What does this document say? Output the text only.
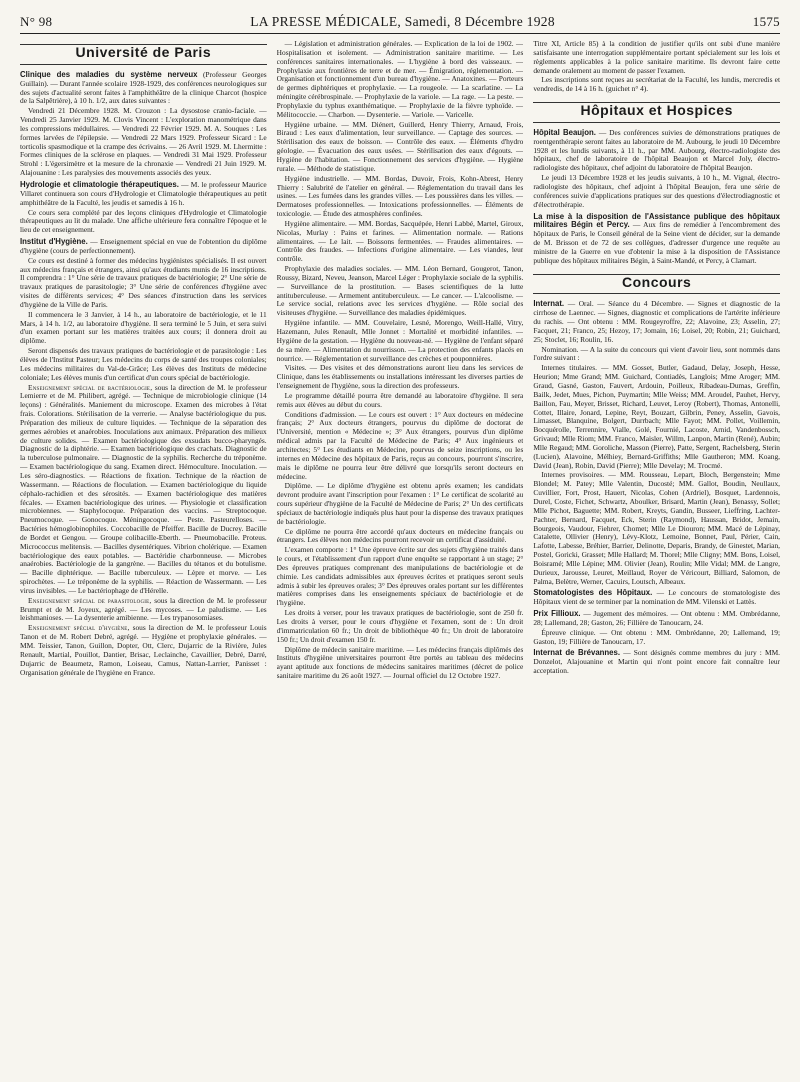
N° 98	LA PRESSE MÉDICALE, Samedi, 8 Décembre 1928	1575
Université de Paris

Clinique des maladies du système nerveux (Professeur Georges Guillain). — Durant l'année scolaire 1928-1929, des conférences neurologiques sur des sujets d'actualité seront faites à l'amphithéâtre de la clinique Charcot (hospice de la Salpêtrière), à 10 h. 1/2, aux dates suivantes :

Vendredi 21 Décembre 1928. M. Crouzon : La dysostose cranio-faciale. — Vendredi 25 Janvier 1929. M. Clovis Vincent : L'exploration manométrique dans les compressions médullaires. — Vendredi 22 Février 1929. M. A. Souques : Les formes larvées de l'épilepsie. — Vendredi 22 Mars 1929. Professeur Sicard : Le torticolis spasmodique et la crampe des écrivains. — 26 Avril 1929. M. Lhermitte : Formes cliniques de la sclérose en plaques. — Vendredi 31 Mai 1929. Professeur Strohl : L'égersimètre et la mesure de la chronaxie — Vendredi 21 Juin 1929. M. Alajouanine : Les paralysies des mouvements associés des yeux.

Hydrologie et climatologie thérapeutiques. — M. le professeur Maurice Villaret continuera son cours d'Hydrologie et Climatologie thérapeutiques au petit amphithéâtre de la Faculté, les jeudis et samedis à 16 h.

Ce cours sera complété par des leçons cliniques d'Hydrologie et Climatologie thérapeutiques au lit du malade. Une affiche ultérieure fera connaître l'époque et le lieu de cet enseignement.

Institut d'Hygiène. — Enseignement spécial en vue de l'obtention du diplôme d'hygiène (cours de perfectionnement).

Ce cours est destiné à former des médecins hygiénistes spécialisés. Il est ouvert aux médecins français et étrangers, ainsi qu'aux étudiants munis de 16 inscriptions. Il comprendra : 1° Une série de travaux pratiques de bactériologie; 2° Une série de travaux pratiques de parasitologie; 3° Une série de conférences d'hygiène avec visites de différents services; 4° Des séances d'instruction dans les services d'hygiène de la Ville de Paris.

Il commencera le 3 Janvier, à 14 h., au laboratoire de bactériologie, et le 11 Mars, à 14 h. 1/2, au laboratoire d'hygiène. Il sera terminé le 5 Juin, et sera suivi d'un examen portant sur les matières traitées aux cours; il donnera droit au diplôme.

Seront dispensés des travaux pratiques de bactériologie et de parasitologie : Les élèves de l'Institut Pasteur; Les médecins du corps de santé des troupes coloniales; Les médecins militaires du Val-de-Grâce; Les élèves des Instituts de médecine coloniale; Les élèves munis d'un certificat d'un cours spécial de bactériologie.

Enseignement spécial de bactériologie, sous la direction de M. le professeur Lemierre et de M. Philibert, agrégé. — Technique de microbiologie clinique (14 leçons) : Généralités. Maniement du microscope. Examen des microbes à l'état frais. Colorations. Stérilisation de la verrerie. — Analyse bactériologique du pus. Préparation des milieux de culture liquides. — Technique de la séparation des germes aérobies et anaérobies. Inoculations aux animaux. Préparation des milieux de culture solides. — Examen bactériologique des exsudats bucco-pharyngés. Diagnostic de la diphtérie. — Examen bactériologique des crachats. Diagnostic de la tuberculose pulmonaire. — Diagnostic de la syphilis. Recherche du tréponème. — Examen bactériologique du sang. Examen direct. Hémoculture. Inoculation. — Les séro-diagnostics. — Réactions de fixation. Technique de la réaction de Wassermann. — Réactions de floculation. — Examen bactériologique du liquide céphalo-rachidien et des sérosités. — Examen bactériologique des matières fécales. — Examen bactériologique des urines. — Physiologie et classification microbiennes. — Staphylocoque. Préparation des vaccins. — Streptocoque. Pneumocoque. — Gonocoque. Méningocoque. — Peste. Pasteurelloses. — Bactéries hémoglobinophiles. Coccobacille de Pfeiffer. Bacille de Ducrey. Bacille de Bordet et Gengou. — Groupe colibacille-Eberth. — Pneumobacille. Proteus. Micrococcus melitensis. — Bacilles dysentériques. Vibrion cholérique. — Examen bactériologique des eaux potables. — Bactéridie charbonneuse. — Microbes anaérobies. Bactériologie de la gangrène. — Bacilles du tétanos et du botulisme. — Bacille diphtérique. — Bacille tuberculeux. — Lèpre et morve. — Les spirochètes. — Le tréponème de la syphilis. — Réaction de Wassermann. — Les virus invisibles. — Le bactériophage de d'Hérelle.

Enseignement spécial de parasitologie, sous la direction de M. le professeur Brumpt et de M. Joyeux, agrégé. — Les mycoses. — Le paludisme. — Les leishmanioses. — La dysenterie amibienne. — Les trypanosomiases.

Enseignement spécial d'hygiène, sous la direction de M. le professeur Louis Tanon et de M. Robert Debré, agrégé. — Hygiène et prophylaxie générales. — MM. Teissier, Tanon, Guillon, Dopter, Ott, Clerc, Dujarric de la Rivière, Jules Renault, Martial, Pouillot, Dantier, Brisac, Leclainche, Cavaillier, Debré, Darré, Dujarric de Beaumetz, Ramon, Loiseau, Camus, Nattan-Larrier, Panisset : Organisation générale de l'hygiène en France.

— Législation et administration générales. — Explication de la loi de 1902. — Hospitalisation et isolement. — Administration sanitaire maritime. — Les conférences sanitaires internationales. — L'hygiène à bord des vaisseaux. — Prophylaxie aux frontières de terre et de mer. — Émigration, réglementation. — Organisation et fonctionnement d'un bureau d'hygiène. — Anatoxines. — Porteurs de germes diphtériques et prophylaxie. — La rougeole. — La scarlatine. — La méningite cérébrospinale. — Prophylaxie de la variole. — La rage. — La peste. — Prophylaxie du typhus exanthématique. — Prophylaxie de la fièvre typhoïde. — Mélitococcie. — Charbon. — Dysenterie. — Variole. — Varicelle.

Hygiène urbaine. — MM. Diénert, Guillerd, Henry Thierry, Arnaud, Frois, Biraud : Les eaux d'alimentation, leur surveillance. — Captage des sources. — Stérilisation des eaux de boisson. — Contrôle des eaux. — Éléments d'hydro géologie. — Évacuation des eaux usées. — Stérilisation des eaux d'égouts. — Hygiène de l'habitation. — Fonctionnement des services d'hygiène. — Hygiène rurale. — Méthode de statistique.

Hygiène industrielle. — MM. Bordas, Duvoir, Frois, Kohn-Abrest, Henry Thierry : Salubrité de l'atelier en général. — Réglementation du travail dans les usines. — Les fumées dans les grandes villes. — Les poussières dans les villes. — Dermatoses professionnelles. — Intoxications professionnelles. — Éléments de toxicologie. — Étude des atmosphères confinées.

Hygiène alimentaire. — MM. Bordas, Sacquépée, Henri Labbé, Martel, Giroux, Nicolas, Murlay : Pains et farines. — Alimentation normale. — Rations alimentaires. — Le lait. — Boissons fermentées. — Fraudes alimentaires. — Contrôle des fraudes. — Infections d'origine alimentaire. — Les viandes, leur contrôle.

Prophylaxie des maladies sociales. — MM. Léon Bernard, Gougerot, Tanon, Roussy, Bizard, Neveu, Jeanson, Marcel Léger : Prophylaxie sociale de la syphilis. — Surveillance de la prostitution. — Bases scientifiques de la lutte antituberculeuse. — Armement antituberculeux. — Le cancer. — L'alcoolisme. — Le service social, relations avec les services d'hygiène. — Rôle social des visiteuses d'hygiène. — Surveillance des maladies épidémiques.

Hygiène infantile. — MM. Couvelaire, Lesné, Morengo, Weill-Hallé, Vitry, Hazemann, Jules Renault, Mlle Jonnet : Mortalité et morbidité infantiles. — Hygiène de la gestation. — Hygiène du nouveau-né. — Hygiène de l'enfant séparé de sa mère. — Alimentation du nourrisson. — La protection des enfants placés en nourrice. — Réglementation et surveillance des crèches et pouponnières.

Visites. — Des visites et des démonstrations auront lieu dans les services de Clinique, dans les établissements ou installations intéressant les diverses parties de l'enseignement de l'hygiène, sous la direction des professeurs.

Le programme détaillé pourra être demandé au laboratoire d'hygiène. Il sera remis aux élèves au début du cours.

Conditions d'admission. — Le cours est ouvert : 1° Aux docteurs en médecine français; 2° Aux docteurs étrangers, pourvus du diplôme de doctorat de l'Université, mention « Médecine »; 3° Aux étrangers, pourvus d'un diplôme médical admis par la Faculté de Médecine de Paris; 4° Aux ingénieurs et architectes; 5° Les étudiants en Médecine, pourvus de seize inscriptions, ou les internes en Médecine des hôpitaux de Paris, reçus au concours, pourront s'inscrire, mais le diplôme ne pourra leur être délivré que lorsqu'ils seront docteurs en médecine.

Diplôme. — Le diplôme d'hygiène est obtenu après examen; les candidats devront produire avant l'inscription pour l'examen : 1° Le certificat de scolarité au cours supérieur d'hygiène de la Faculté de Médecine de Paris; 2° Un des certificats spéciaux de bactériologie indiqués plus haut pour la dispense des travaux pratiques de bactériologie.

Ce diplôme ne pourra être accordé qu'aux docteurs en médecine français ou étrangers. Les élèves non médecins pourront recevoir un certificat d'assiduité.

L'examen comporte : 1° Une épreuve écrite sur des sujets d'hygiène traités dans le cours, et l'établissement d'un rapport d'une enquête se rapportant à un stage; 2° Des épreuves pratiques comprenant des manipulations de bactériologie et de chimie. Les candidats admissibles aux épreuves écrites et pratiques seront seuls admis à subir les épreuves orales; 3° Des épreuves orales portant sur les différentes matières comprises dans les enseignements spéciaux de bactériologie et de l'hygiène.

Les droits à verser, pour les travaux pratiques de bactériologie, sont de 250 fr. Les droits à verser, pour le cours d'hygiène et l'examen, sont de : Un droit d'immatriculation 60 fr.; Un droit de bibliothèque 40 fr.; Un droit de laboratoire 150 fr.; Un droit d'examen 150 fr.

Diplôme de médecin sanitaire maritime. — Les médecins français diplômés des Instituts d'hygiène universitaires pourront être portés au tableau des médecins ayant aptitude aux fonctions de médecins sanitaires maritimes (décret de police sanitaire maritime du 26 août 1927. — Journal officiel du 12 Octobre 1927.

Titre XI, Article 85) à la condition de justifier qu'ils ont subi d'une manière satisfaisante une interrogation supplémentaire portant spécialement sur les lois et règlements applicables à la police sanitaire maritime. Ils devront faire cette demande oralement au moment de passer l'examen.

Les inscriptions sont reçues au secrétariat de la Faculté, les lundis, mercredis et vendredis, de 14 à 16 h. (guichet n° 4).

Hôpitaux et Hospices

Hôpital Beaujon. — Des conférences suivies de démonstrations pratiques de roentgenthérapie seront faites au laboratoire de M. Aubourg, le jeudi 10 Décembre 1928 et les lundis suivants, à 11 h., par MM. Aubourg, électro-radiologiste des hôpitaux, chef de laboratoire de l'hôpital Beaujon et Marcel Joly, électro-radiologiste des hôpitaux, chef adjoint du laboratoire de l'hôpital Beaujon.

Le jeudi 13 Décembre 1928 et les jeudis suivants, à 10 h., M. Vignal, électro-radiologiste des hôpitaux, chef adjoint à l'hôpital Beaujon, fera une série de conférences suivie d'applications pratiques sur des questions d'électrodiagnostic et d'électrothérapie.

La mise à la disposition de l'Assistance publique des hôpitaux militaires Bégin et Percy. — Aux fins de remédier à l'encombrement des hôpitaux de Paris, le Conseil général de la Seine vient de décider, sur la demande de M. Brisson et de 72 de ses collègues, d'adresser d'urgence une requête au ministre de la Guerre en vue d'obtenir la mise à la disposition de l'Assistance publique des hôpitaux militaires Bégin, à Saint-Mandé, et Percy, à Clamart.

Concours

Internat. — Oral. — Séance du 4 Décembre. — Signes et diagnostic de la cirrhose de Laennec. — Signes, diagnostic et complications de l'artérite inférieure du rachis. — Ont obtenu : MM. Rougeyroffre, 22; Alavoine, 23; Asselin, 27; Facquet, 21; Franco, 25; Hezoy, 17; Jomain, 16; Loisel, 20; Robin, 21; Guichard, 25; Stoclet, 16; Roulin, 16.

Nomination. — A la suite du concours qui vient d'avoir lieu, sont nommés dans l'ordre suivant :

Internes titulaires. — MM. Gosset, Butler, Gadaud, Delay, Joseph, Hesse, Heurion; Mme Grand; MM. Guichard, Contiadès, Langlois; Mme Aroger; MM. Graud, Gasné, Gaston, Fauvert, Ardouin, Poilleux, Ribadeau-Dumas, Greffin, Bailk, Jedet, Mues, Pichon, Puymartin; Mlle Weiss; MM. Aroudel, Pauhet, Hervy, Baillon, Fau, Meyer, Brisset, Richard, Leuvet, Leroy (Robert), Thomas, Antonelli, Cottet, Illaire, Jonard, Lepine, Reyt, Bouzart, Gilbrin, Peney, Asselin, Gavois, Limasset, Blanquine, Bolgert, Durrbach; Mlle Fayot; MM. Pollet, Voillemin, Bocquérolle, Terrennire, Vialle, Golé, Fournié, Lacoste, Arnid, Vandenbossch, Grivaud; Mlle Riom; MM. Franco, Maisler, Willm, Lanpon, Martin (René), Aubin; Mlle Regaud; MM. Goroliche, Masson (Pierre), Patte, Sergent, Rachelsberg, Sterin (Lucien), Alavoine, Mélhiey, Bernard-Griffiths; Mlle Gautheron; MM. Koang, David (Jean), Robin, David (Pierre); Mlle Develay; M. Trocmé.

Internes provisoires. — MM. Rousseau, Lepart, Bloch, Bergenstein; Mme Blondel; M. Patey; Mlle Valentin, Ducosté; MM. Gallot, Boudin, Neullaux, Cuvillier, Fort, Prost, Hauert, Nicolas, Cohen (Ardriel), Bosquet, Lardennois, Durel, Coste, Fichet, Schwartz, Aboulker, Brisard, Martin (Jean), Benassy, Sollet; Mlle Pichot, Baguette; MM. Robert, Kreyts, Gandin, Busseer, Lieffring, Lachter-Pachter, Bernard, Facquet, Eck, Sterin (Raymond), Haussan, Bridot, Jemain, Bourgeois, Vaudour, Fiehrer, Chomet; Mlle Le Diouron; MM. Macé de Lépinay, Catalette, Ollivier (Henry), Lévy-Klotz, Lemoine, Bonnet, Paul, Périer, Cain, Lafotte, Labesse, Bréhier, Barrier, Delinotte, Deparis, Brandy, de Ginestet, Marian, Postel, Goricki, Grasset; Mlle Hallard; M. Thorel; Mlle Cligny; MM. Bons, Loisel, Boisramé; Mlle Lépine; MM. Olivier (Jean), Roulin; Mlle Vidal; MM. de Langre, Durieux, Jarousse, Leuret, Meillaud, Royer de Véricourt, Billiard, Salomon, de Palma, Belètre, Werner, Cacuirs, Loutsch, Albeaux.

Stomatologistes des Hôpitaux. — Le concours de stomatologiste des Hôpitaux vient de se terminer par la nomination de MM. Vilenski et Lattès.

Prix Fillioux. — Jugement des mémoires. — Ont obtenu : MM. Ombrédanne, 28; Lallemand, 28; Gaston, 26; Fillière de Tanoucarn, 24.

Épreuve clinique. — Ont obtenu : MM. Ombrédanne, 20; Lallemand, 19; Gaston, 19; Fillière de Tanoucarn, 17.

Internat de Brévannes. — Sont désignés comme membres du jury : MM. Donzelot, Alajouanine et Martin qui n'ont point encore fait connaître leur acceptation.
